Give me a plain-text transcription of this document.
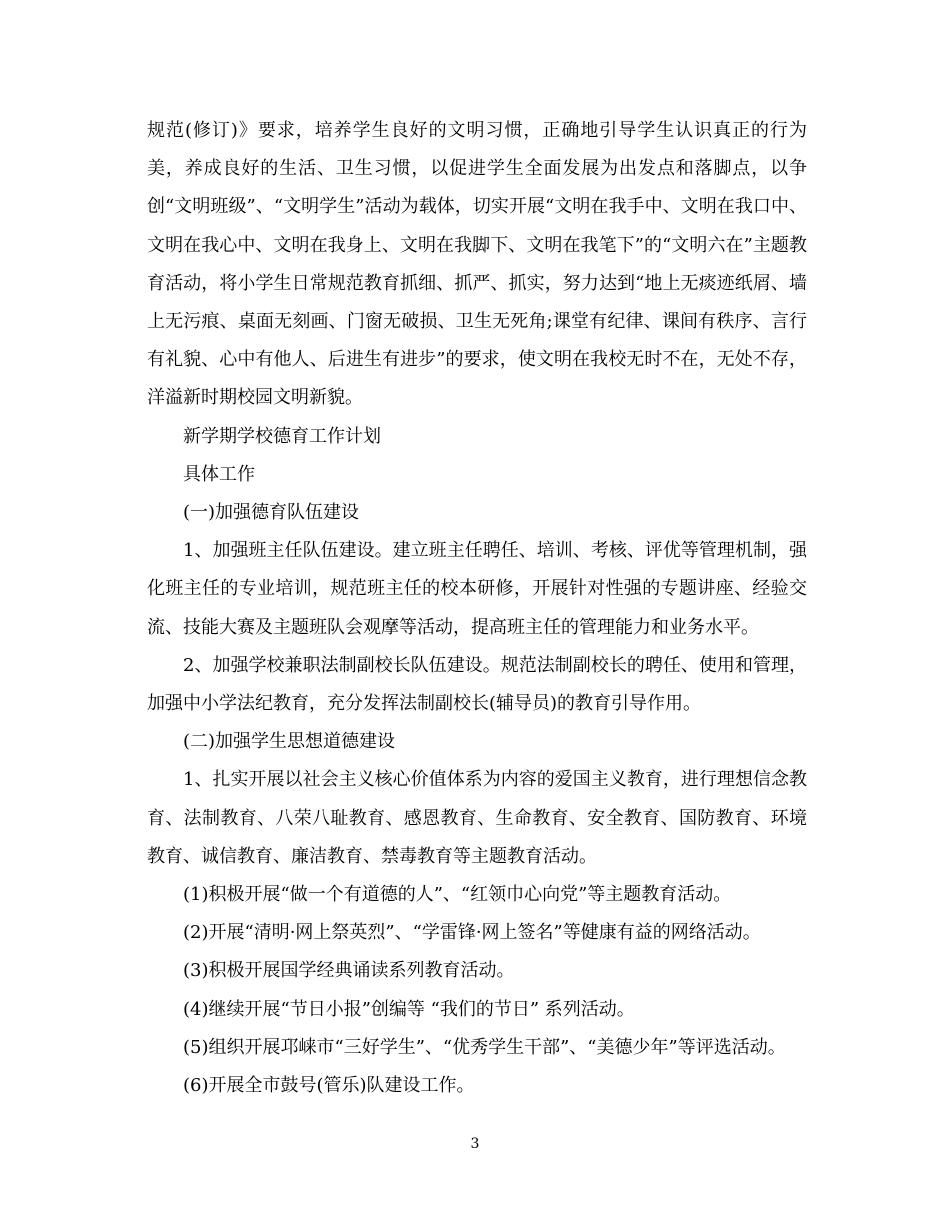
规范(修订)》要求，培养学生良好的文明习惯，正确地引导学生认识真正的行为美，养成良好的生活、卫生习惯，以促进学生全面发展为出发点和落脚点，以争创“文明班级”、“文明学生”活动为载体，切实开展“文明在我手中、文明在我口中、文明在我心中、文明在我身上、文明在我脚下、文明在我笔下”的“文明六在”主题教育活动，将小学生日常规范教育抓细、抓严、抓实，努力达到“地上无痰迹纸屑、墙上无污痕、桌面无刻画、门窗无破损、卫生无死角;课堂有纪律、课间有秩序、言行有礼貌、心中有他人、后进生有进步”的要求，使文明在我校无时不在，无处不存，洋溢新时期校园文明新貌。

新学期学校德育工作计划

具体工作

(一)加强德育队伍建设

1、加强班主任队伍建设。建立班主任聘任、培训、考核、评优等管理机制，强化班主任的专业培训，规范班主任的校本研修，开展针对性强的专题讲座、经验交流、技能大赛及主题班队会观摩等活动，提高班主任的管理能力和业务水平。

2、加强学校兼职法制副校长队伍建设。规范法制副校长的聘任、使用和管理，加强中小学法纪教育，充分发挥法制副校长(辅导员)的教育引导作用。

(二)加强学生思想道德建设

1、扎实开展以社会主义核心价值体系为内容的爱国主义教育，进行理想信念教育、法制教育、八荣八耻教育、感恩教育、生命教育、安全教育、国防教育、环境教育、诚信教育、廉洁教育、禁毒教育等主题教育活动。

(1)积极开展“做一个有道德的人”、“红领巾心向党”等主题教育活动。

(2)开展“清明·网上祭英烈”、“学雷锋·网上签名”等健康有益的网络活动。

(3)积极开展国学经典诵读系列教育活动。

(4)继续开展“节日小报”创编等 “我们的节日” 系列活动。

(5)组织开展邛崃市“三好学生”、“优秀学生干部”、“美德少年”等评选活动。

(6)开展全市鼓号(管乐)队建设工作。

3
